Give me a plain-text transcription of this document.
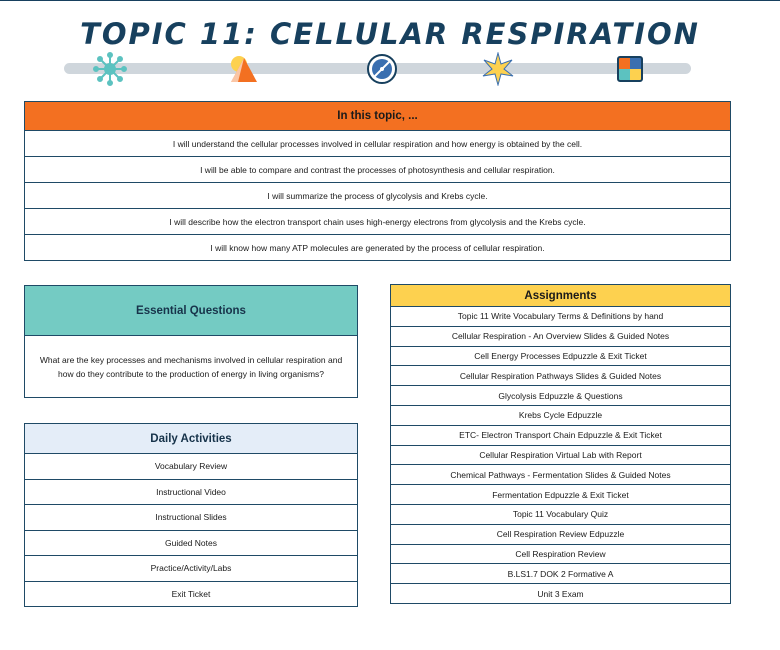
TOPIC 11: CELLULAR RESPIRATION
In this topic, ...
I will understand the cellular processes involved in cellular respiration and how energy is obtained by the cell.
I will be able to compare and contrast the processes of photosynthesis and cellular respiration.
I will summarize the process of glycolysis and Krebs cycle.
I will describe how the electron transport chain uses high-energy electrons from glycolysis and the Krebs cycle.
I will know how many ATP molecules are generated by the process of cellular respiration.
Essential Questions
What are the key processes and mechanisms involved in cellular respiration and how do they contribute to the production of energy in living organisms?
Daily Activities
Vocabulary Review
Instructional Video
Instructional Slides
Guided Notes
Practice/Activity/Labs
Exit Ticket
Assignments
Topic 11 Write Vocabulary Terms & Definitions by hand
Cellular Respiration - An Overview Slides & Guided Notes
Cell Energy Processes Edpuzzle & Exit Ticket
Cellular Respiration Pathways Slides & Guided Notes
Glycolysis Edpuzzle & Questions
Krebs Cycle Edpuzzle
ETC- Electron Transport Chain Edpuzzle & Exit Ticket
Cellular Respiration Virtual Lab with Report
Chemical Pathways - Fermentation Slides & Guided Notes
Fermentation Edpuzzle & Exit Ticket
Topic 11 Vocabulary Quiz
Cell Respiration Review Edpuzzle
Cell Respiration Review
B.LS1.7 DOK 2 Formative A
Unit 3 Exam
